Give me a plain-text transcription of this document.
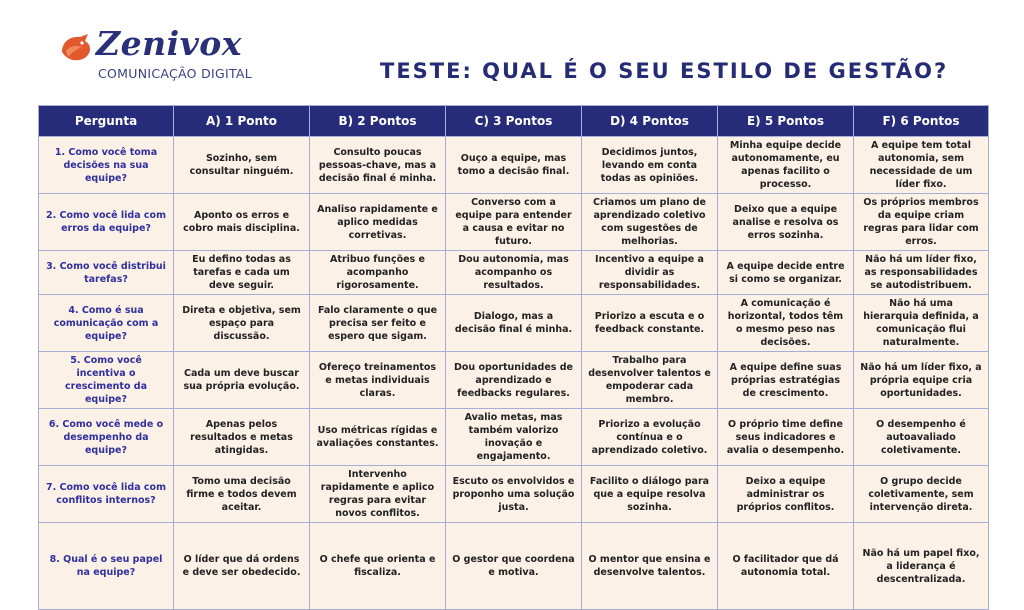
Zenivox
COMUNICAÇÃO DIGITAL	TESTE: QUAL É O SEU ESTILO DE GESTÃO?
Pergunta	A) 1 Ponto	B) 2 Pontos	C) 3 Pontos	D) 4 Pontos	E) 5 Pontos	F) 6 Pontos
1. Como você toma decisões na sua equipe?	Sozinho, sem consultar ninguém.	Consulto poucas pessoas-chave, mas a decisão final é minha.	Ouço a equipe, mas tomo a decisão final.	Decidimos juntos, levando em conta todas as opiniões.	Minha equipe decide autonomamente, eu apenas facilito o processo.	A equipe tem total autonomia, sem necessidade de um líder fixo.
2. Como você lida com erros da equipe?	Aponto os erros e cobro mais disciplina.	Analiso rapidamente e aplico medidas corretivas.	Converso com a equipe para entender a causa e evitar no futuro.	Criamos um plano de aprendizado coletivo com sugestões de melhorias.	Deixo que a equipe analise e resolva os erros sozinha.	Os próprios membros da equipe criam regras para lidar com erros.
3. Como você distribui tarefas?	Eu defino todas as tarefas e cada um deve seguir.	Atribuo funções e acompanho rigorosamente.	Dou autonomia, mas acompanho os resultados.	Incentivo a equipe a dividir as responsabilidades.	A equipe decide entre si como se organizar.	Não há um líder fixo, as responsabilidades se autodistribuem.
4. Como é sua comunicação com a equipe?	Direta e objetiva, sem espaço para discussão.	Falo claramente o que precisa ser feito e espero que sigam.	Dialogo, mas a decisão final é minha.	Priorizo a escuta e o feedback constante.	A comunicação é horizontal, todos têm o mesmo peso nas decisões.	Não há uma hierarquia definida, a comunicação flui naturalmente.
5. Como você incentiva o crescimento da equipe?	Cada um deve buscar sua própria evolução.	Ofereço treinamentos e metas individuais claras.	Dou oportunidades de aprendizado e feedbacks regulares.	Trabalho para desenvolver talentos e empoderar cada membro.	A equipe define suas próprias estratégias de crescimento.	Não há um líder fixo, a própria equipe cria oportunidades.
6. Como você mede o desempenho da equipe?	Apenas pelos resultados e metas atingidas.	Uso métricas rígidas e avaliações constantes.	Avalio metas, mas também valorizo inovação e engajamento.	Priorizo a evolução contínua e o aprendizado coletivo.	O próprio time define seus indicadores e avalia o desempenho.	O desempenho é autoavaliado coletivamente.
7. Como você lida com conflitos internos?	Tomo uma decisão firme e todos devem aceitar.	Intervenho rapidamente e aplico regras para evitar novos conflitos.	Escuto os envolvidos e proponho uma solução justa.	Facilito o diálogo para que a equipe resolva sozinha.	Deixo a equipe administrar os próprios conflitos.	O grupo decide coletivamente, sem intervenção direta.
8. Qual é o seu papel na equipe?	O líder que dá ordens e deve ser obedecido.	O chefe que orienta e fiscaliza.	O gestor que coordena e motiva.	O mentor que ensina e desenvolve talentos.	O facilitador que dá autonomia total.	Não há um papel fixo, a liderança é descentralizada.
